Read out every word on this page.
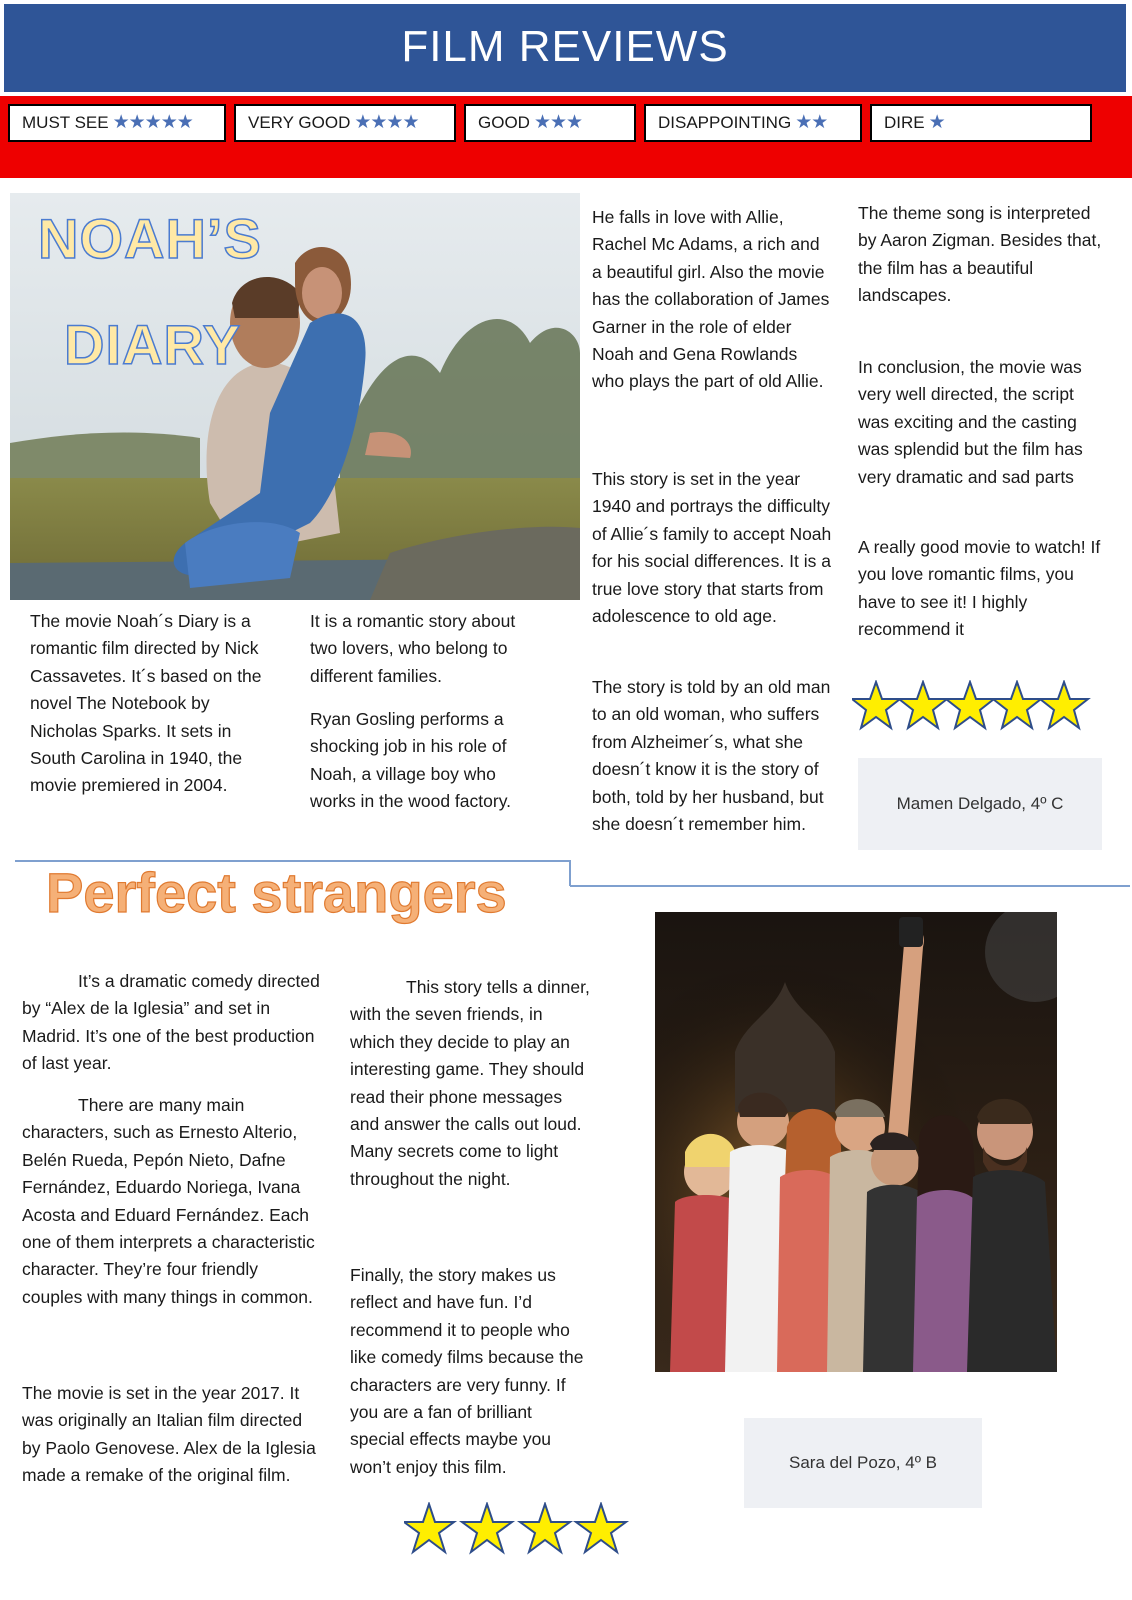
FILM REVIEWS
MUST SEE ★★★★★	VERY GOOD ★★★★	GOOD ★★★	DISAPPOINTING ★★	DIRE ★
NOAH’S
DIARY

The movie Noah´s Diary is a romantic film directed by Nick Cassavetes. It´s based on the novel The Notebook by Nicholas Sparks. It sets in South Carolina in 1940, the movie premiered in 2004.

It is a romantic story about two lovers, who belong to different families.

Ryan Gosling performs a shocking job in his role of Noah, a village boy who works in the wood factory.

He falls in love with Allie, Rachel Mc Adams, a rich and a beautiful girl. Also the movie has the collaboration of James Garner in the role of elder Noah and Gena Rowlands who plays the part of old Allie.

This story is set in the year 1940 and portrays the difficulty of Allie´s family to accept Noah for his social differences. It is a true love story that starts from adolescence to old age.

The story is told by an old man to an old woman, who suffers from Alzheimer´s, what she doesn´t know it is the story of both, told by her husband, but she doesn´t remember him.

The theme song is interpreted by Aaron Zigman. Besides that, the film has a beautiful landscapes.

In conclusion, the movie was very well directed, the script was exciting and the casting was splendid but the film has very dramatic and sad parts

A really good movie to watch! If you love romantic films, you have to see it! I highly recommend it

Mamen Delgado, 4º C
Perfect strangers

It’s a dramatic comedy directed by “Alex de la Iglesia” and set in Madrid. It’s one of the best production of last year.

There are many main characters, such as Ernesto Alterio, Belén Rueda, Pepón Nieto, Dafne Fernández, Eduardo Noriega, Ivana Acosta and Eduard Fernández. Each one of them interprets a characteristic character. They’re four friendly couples with many things in common.

The movie is set in the year 2017. It was originally an Italian film directed by Paolo Genovese. Alex de la Iglesia made a remake of the original film.

This story tells a dinner, with the seven friends, in which they decide to play an interesting game. They should read their phone messages and answer the calls out loud. Many secrets come to light throughout the night.

Finally, the story makes us reflect and have fun. I’d recommend it to people who like comedy films because the characters are very funny. If you are a fan of brilliant special effects maybe you won’t enjoy this film.	Sara del Pozo, 4º B
